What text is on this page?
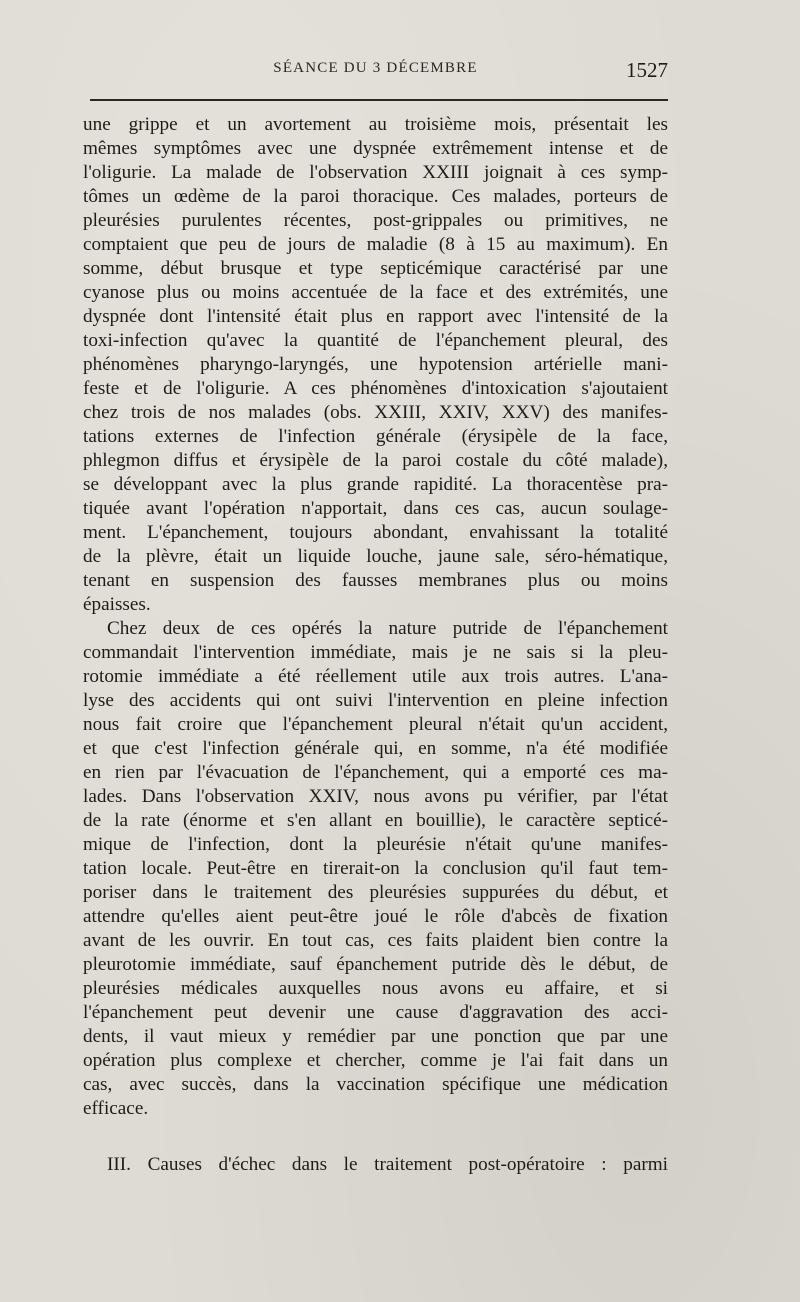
SÉANCE DU 3 DÉCEMBRE	1527
une grippe et un avortement au troisième mois, présentait les
mêmes symptômes avec une dyspnée extrêmement intense et de
l'oligurie. La malade de l'observation XXIII joignait à ces symp-
tômes un œdème de la paroi thoracique. Ces malades, porteurs de
pleurésies purulentes récentes, post-grippales ou primitives, ne
comptaient que peu de jours de maladie (8 à 15 au maximum). En
somme, début brusque et type septicémique caractérisé par une
cyanose plus ou moins accentuée de la face et des extrémités, une
dyspnée dont l'intensité était plus en rapport avec l'intensité de la
toxi-infection qu'avec la quantité de l'épanchement pleural, des
phénomènes pharyngo-laryngés, une hypotension artérielle mani-
feste et de l'oligurie. A ces phénomènes d'intoxication s'ajoutaient
chez trois de nos malades (obs. XXIII, XXIV, XXV) des manifes-
tations externes de l'infection générale (érysipèle de la face,
phlegmon diffus et érysipèle de la paroi costale du côté malade),
se développant avec la plus grande rapidité. La thoracentèse pra-
tiquée avant l'opération n'apportait, dans ces cas, aucun soulage-
ment. L'épanchement, toujours abondant, envahissant la totalité
de la plèvre, était un liquide louche, jaune sale, séro-hématique,
tenant en suspension des fausses membranes plus ou moins
épaisses.
Chez deux de ces opérés la nature putride de l'épanchement
commandait l'intervention immédiate, mais je ne sais si la pleu-
rotomie immédiate a été réellement utile aux trois autres. L'ana-
lyse des accidents qui ont suivi l'intervention en pleine infection
nous fait croire que l'épanchement pleural n'était qu'un accident,
et que c'est l'infection générale qui, en somme, n'a été modifiée
en rien par l'évacuation de l'épanchement, qui a emporté ces ma-
lades. Dans l'observation XXIV, nous avons pu vérifier, par l'état
de la rate (énorme et s'en allant en bouillie), le caractère septicé-
mique de l'infection, dont la pleurésie n'était qu'une manifes-
tation locale. Peut-être en tirerait-on la conclusion qu'il faut tem-
poriser dans le traitement des pleurésies suppurées du début, et
attendre qu'elles aient peut-être joué le rôle d'abcès de fixation
avant de les ouvrir. En tout cas, ces faits plaident bien contre la
pleurotomie immédiate, sauf épanchement putride dès le début, de
pleurésies médicales auxquelles nous avons eu affaire, et si
l'épanchement peut devenir une cause d'aggravation des acci-
dents, il vaut mieux y remédier par une ponction que par une
opération plus complexe et chercher, comme je l'ai fait dans un
cas, avec succès, dans la vaccination spécifique une médication
efficace.
III. Causes d'échec dans le traitement post-opératoire : parmi
